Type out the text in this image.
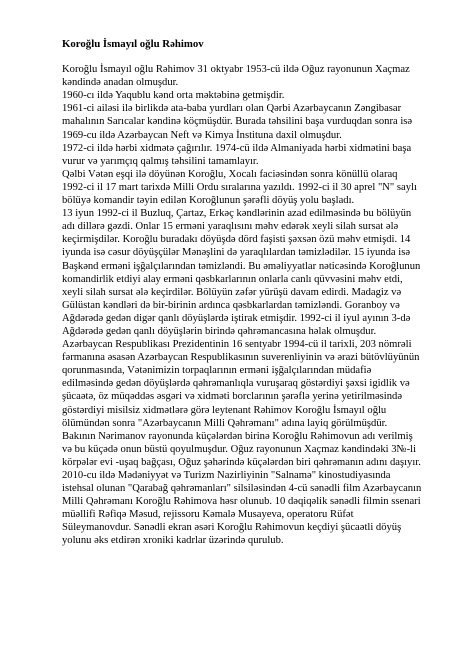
Koroğlu İsmayıl oğlu Rəhimov

Koroğlu İsmayıl oğlu Rəhimov 31 oktyabr 1953-cü ildə Oğuz rayonunun Xaçmaz kəndində anadan olmuşdur.

1960-cı ildə Yaqublu kənd orta məktəbinə getmişdir.

1961-ci ailəsi ilə birlikdə ata-baba yurdları olan Qərbi Azərbaycanın Zəngibasar mahalının Sarıcalar kəndinə köçmüşdür. Burada təhsilini başa vurduqdan sonra isə 1969-cu ildə Azərbaycan Neft və Kimya İnstituna daxil olmuşdur.

1972-ci ildə hərbi xidmətə çağırılır. 1974-cü ildə Almaniyada hərbi xidmətini başa vurur və yarımçıq qalmış təhsilini tamamlayır.

Qəlbi Vətən eşqi ilə döyünən Koroğlu, Xocalı faciəsindən sonra könüllü olaraq 1992-ci il 17 mart tarixdə Milli Ordu sıralarına yazıldı. 1992-ci il 30 aprel "N" saylı bölüyə komandir təyin edilən Koroğlunun şərəfli döyüş yolu başladı.

13 iyun 1992-ci il Buzluq, Çartaz, Erkəç kəndlərinin azad edilməsində bu bölüyün adı dillərə gəzdi. Onlar 15 erməni yaraqlısını məhv edərək xeyli silah sursat ələ keçirmişdilər. Koroğlu buradakı döyüşdə dörd faşisti şəxsən özü məhv etmişdi. 14 iyunda isə cəsur döyüşçülər Mənəşlini də yaraqlılardan təmizlədilər. 15 iyunda isə Başkənd erməni işğalçılarından təmizləndi. Bu əməliyyatlar nəticəsində Koroğlunun komandirlik etdiyi alay erməni qəsbkarlarının onlarla canlı qüvvəsini məhv etdi, xeyli silah sursat ələ keçirdilər. Bölüyün zəfər yürüşü davam edirdi. Madagiz və Gülüstan kəndləri də bir-birinin ardınca qəsbkarlardan təmizləndi. Goranboy və Ağdərədə gedən digər qanlı döyüşlərdə iştirak etmişdir. 1992-ci il iyul ayının 3-də Ağdərədə gedən qanlı döyüşlərin birində qəhrəmancasına həlak olmuşdur.

Azərbaycan Respublikası Prezidentinin 16 sentyabr 1994-cü il tarixli, 203 nömrəli fərmanına əsasən Azərbaycan Respublikasının suverenliyinin və ərazi bütövlüyünün qorunmasında, Vətənimizin torpaqlarının erməni işğalçılarından müdafiə edilməsində gedən döyüşlərdə qəhrəmanlıqla vuruşaraq göstərdiyi şəxsi igidlik və şücaətə, öz müqəddəs əsgəri və xidməti borclarının şərəflə yerinə yetirilməsində göstərdiyi misilsiz xidmətlərə görə leytenant Rəhimov Koroğlu İsmayıl oğlu ölümündən sonra "Azərbaycanın Milli Qəhrəmanı" adına layiq görülmüşdür.

Bakının Nərimanov rayonunda küçələrdən birinə Koroğlu Rəhimovun adı verilmiş və bu küçədə onun büstü qoyulmuşdur. Oğuz rayonunun Xaçmaz kəndindəki 3№-li körpələr evi -uşaq bağçası, Oğuz şəhərində küçələrdən biri qəhrəmanın adını daşıyır. 2010-cu ildə Mədəniyyət və Turizm Nazirliyinin "Salnamə" kinostudiyasında istehsal olunan "Qarabağ qəhrəmanları" silsiləsindən 4-cü sənədli film Azərbaycanın Milli Qəhrəmanı Koroğlu Rəhimova həsr olunub. 10 dəqiqəlik sənədli filmin ssenari müəllifi Rəfiqə Məsud, rejissoru Kəmalə Musayeva, operatoru Rüfət Süleymanovdur. Sənədli ekran əsəri Koroğlu Rəhimovun keçdiyi şücaətli döyüş yolunu əks etdirən xroniki kadrlar üzərində qurulub.
